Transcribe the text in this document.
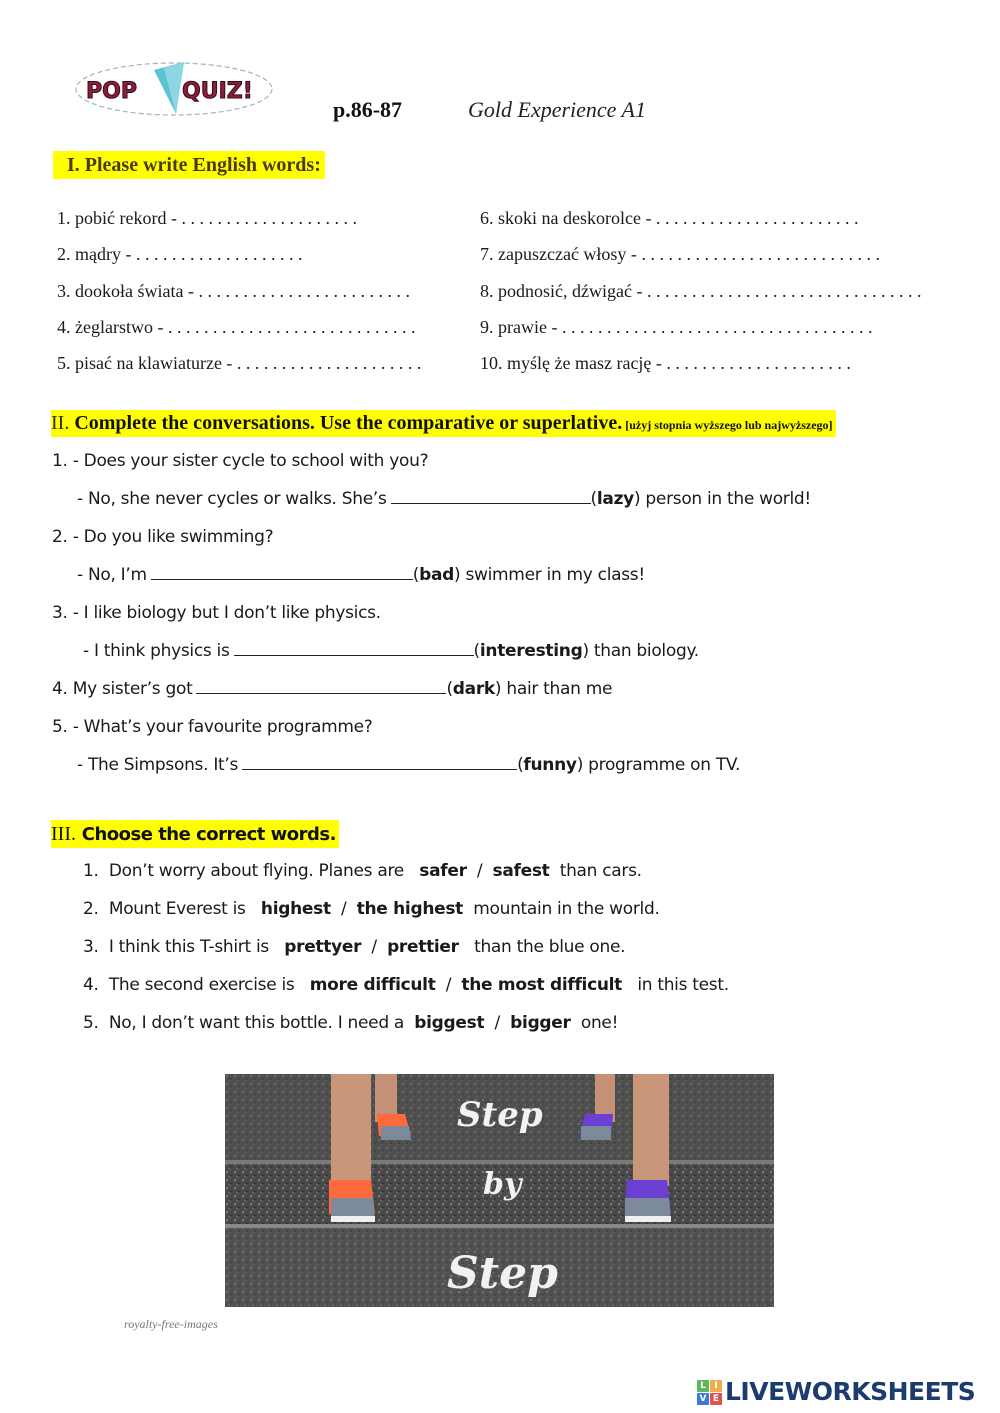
POP QUIZ!
p.86-87	Gold Experience A1
I. Please write English words:
1. pobić rekord - . . . . . . . . . . . . . . . . . . . .
2. mądry - . . . . . . . . . . . . . . . . . . .
3. dookoła świata - . . . . . . . . . . . . . . . . . . . . . . . .
4. żeglarstwo - . . . . . . . . . . . . . . . . . . . . . . . . . . . .
5. pisać na klawiaturze - . . . . . . . . . . . . . . . . . . . . .
6. skoki na deskorolce - . . . . . . . . . . . . . . . . . . . . . . .
7. zapuszczać włosy - . . . . . . . . . . . . . . . . . . . . . . . . . . .
8. podnosić, dźwigać - . . . . . . . . . . . . . . . . . . . . . . . . . . . . . . .
9. prawie - . . . . . . . . . . . . . . . . . . . . . . . . . . . . . . . . . . .
10. myślę że masz rację - . . . . . . . . . . . . . . . . . . . . .
II. Complete the conversations. Use the comparative or superlative. [użyj stopnia wyższego lub najwyższego]
1. - Does your sister cycle to school with you?
- No, she never cycles or walks. She’s	(lazy) person in the world!
2. - Do you like swimming?
- No, I’m	(bad) swimmer in my class!
3. - I like biology but I don’t like physics.
- I think physics is	(interesting) than biology.
4. My sister’s got	(dark) hair than me
5. - What’s your favourite programme?
- The Simpsons. It’s	(funny) programme on TV.
III. Choose the correct words.
1. Don’t worry about flying. Planes are safer / safest than cars.
2. Mount Everest is highest / the highest mountain in the world.
3. I think this T-shirt is prettyer / prettier   than the blue one.
4. The second exercise is more difficult / the most difficult   in this test.
5. No, I don’t want this bottle. I need a biggest / bigger one!
Step
by
Step
royalty-free-images
L I
V E LIVEWORKSHEETS
